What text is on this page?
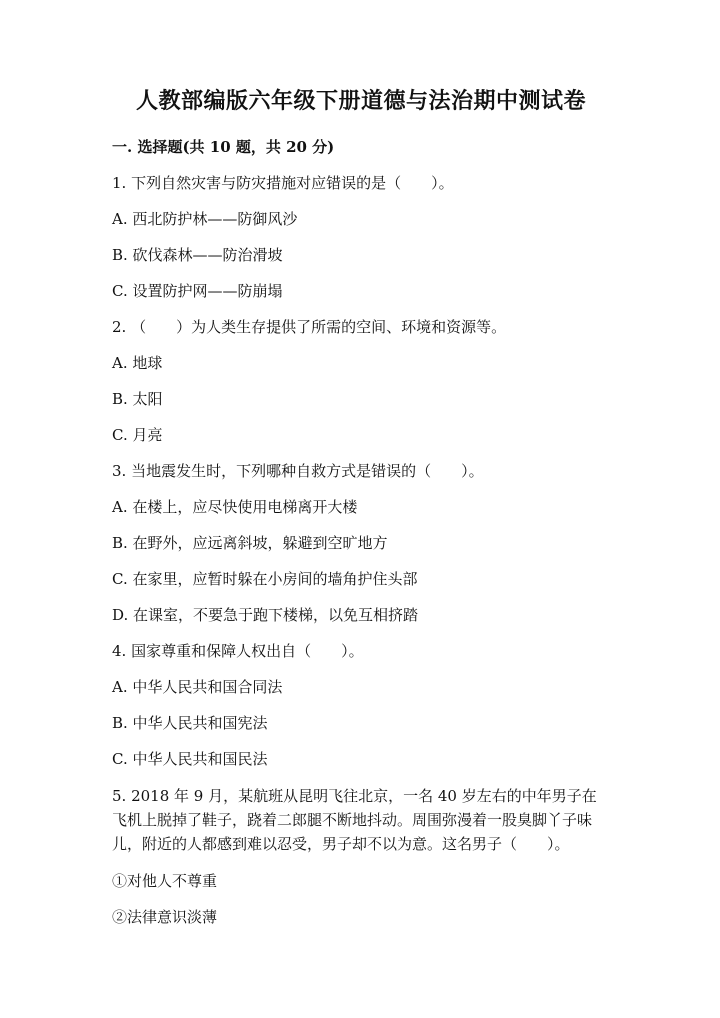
人教部编版六年级下册道德与法治期中测试卷
一. 选择题(共 10 题，共 20 分)
1. 下列自然灾害与防灾措施对应错误的是（　　）。
A. 西北防护林——防御风沙
B. 砍伐森林——防治滑坡
C. 设置防护网——防崩塌
2. （　　）为人类生存提供了所需的空间、环境和资源等。
A. 地球
B. 太阳
C. 月亮
3. 当地震发生时，下列哪种自救方式是错误的（　　）。
A. 在楼上，应尽快使用电梯离开大楼
B. 在野外，应远离斜坡，躲避到空旷地方
C. 在家里，应暂时躲在小房间的墙角护住头部
D. 在课室，不要急于跑下楼梯，以免互相挤踏
4. 国家尊重和保障人权出自（　　）。
A. 中华人民共和国合同法
B. 中华人民共和国宪法
C. 中华人民共和国民法
5. 2018 年 9 月，某航班从昆明飞往北京，一名 40 岁左右的中年男子在飞机上脱掉了鞋子，跷着二郎腿不断地抖动。周围弥漫着一股臭脚丫子味儿，附近的人都感到难以忍受，男子却不以为意。这名男子（　　）。
①对他人不尊重
②法律意识淡薄
